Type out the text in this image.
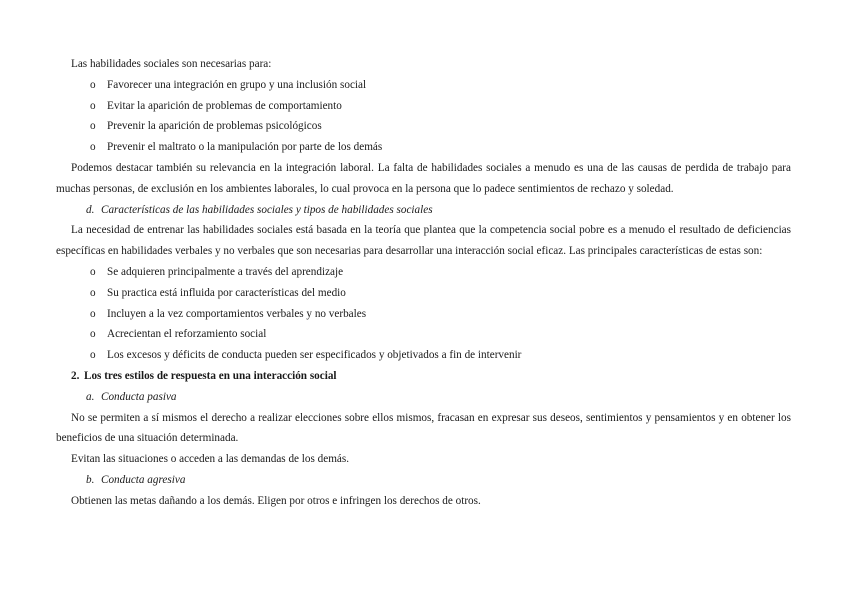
Las habilidades sociales son necesarias para:

o	Favorecer una integración en grupo y una inclusión social
o	Evitar la aparición de problemas de comportamiento
o	Prevenir la aparición de problemas psicológicos
o	Prevenir el maltrato o la manipulación por parte de los demás

Podemos destacar también su relevancia en la integración laboral. La falta de habilidades sociales a menudo es una de las causas de perdida de trabajo para muchas personas, de exclusión en los ambientes laborales, lo cual provoca en la persona que lo padece sentimientos de rechazo y soledad.

d. Características de las habilidades sociales y tipos de habilidades sociales

La necesidad de entrenar las habilidades sociales está basada en la teoría que plantea que la competencia social pobre es a menudo el resultado de deficiencias específicas en habilidades verbales y no verbales que son necesarias para desarrollar una interacción social eficaz. Las principales características de estas son:

o	Se adquieren principalmente a través del aprendizaje
o	Su practica está influida por características del medio
o	Incluyen a la vez comportamientos verbales y no verbales
o	Acrecientan el reforzamiento social
o	Los excesos y déficits de conducta pueden ser especificados y objetivados a fin de intervenir

2. Los tres estilos de respuesta en una interacción social

a. Conducta pasiva

No se permiten a sí mismos el derecho a realizar elecciones sobre ellos mismos, fracasan en expresar sus deseos, sentimientos y pensamientos y en obtener los beneficios de una situación determinada.

Evitan las situaciones o acceden a las demandas de los demás.

b. Conducta agresiva

Obtienen las metas dañando a los demás. Eligen por otros e infringen los derechos de otros.
